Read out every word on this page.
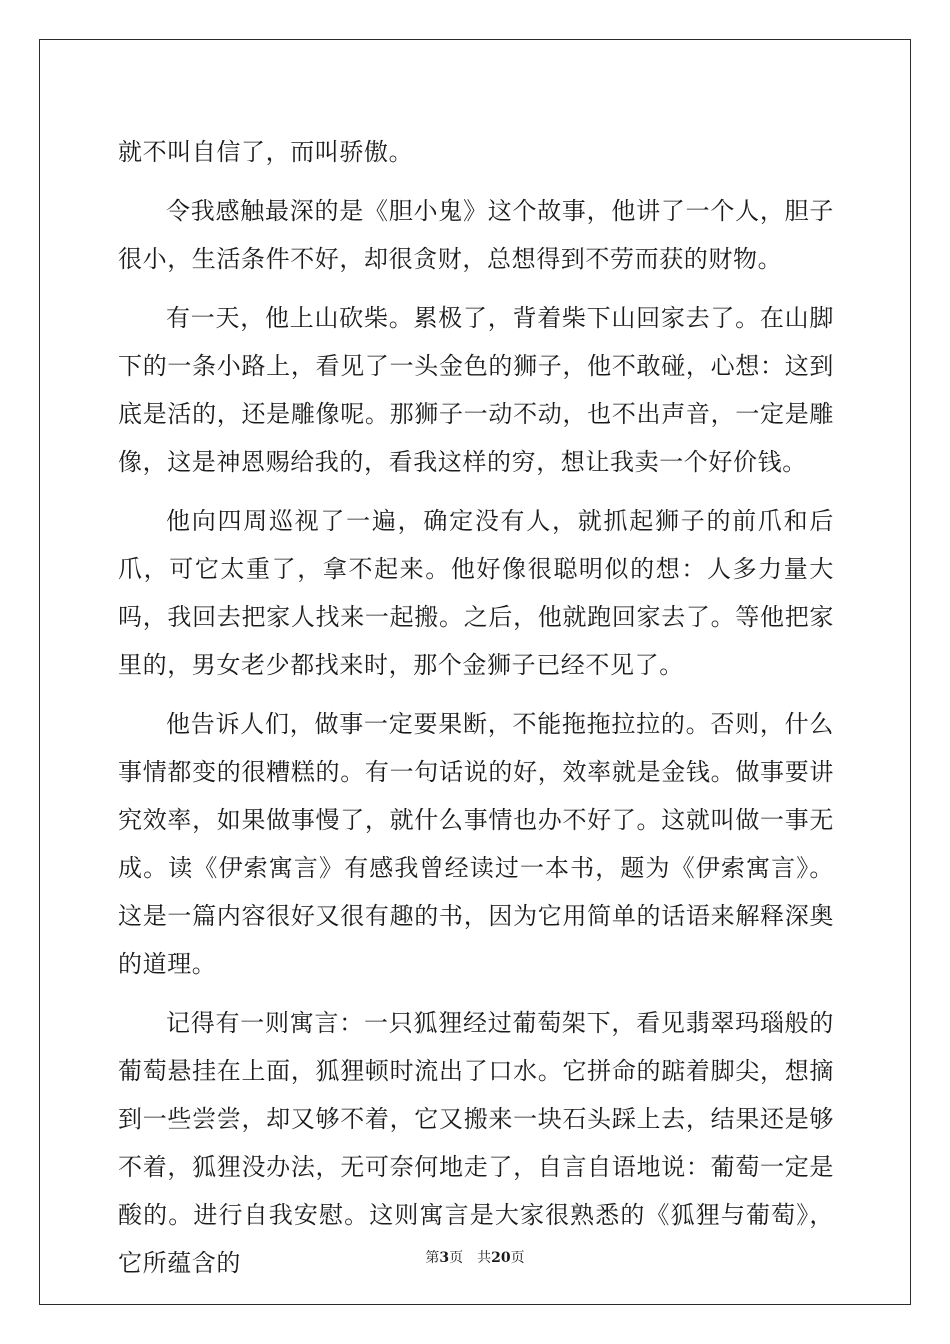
就不叫自信了，而叫骄傲。

令我感触最深的是《胆小鬼》这个故事，他讲了一个人，胆子很小，生活条件不好，却很贪财，总想得到不劳而获的财物。

有一天，他上山砍柴。累极了，背着柴下山回家去了。在山脚下的一条小路上，看见了一头金色的狮子，他不敢碰，心想：这到底是活的，还是雕像呢。那狮子一动不动，也不出声音，一定是雕像，这是神恩赐给我的，看我这样的穷，想让我卖一个好价钱。

他向四周巡视了一遍，确定没有人，就抓起狮子的前爪和后爪，可它太重了，拿不起来。他好像很聪明似的想：人多力量大吗，我回去把家人找来一起搬。之后，他就跑回家去了。等他把家里的，男女老少都找来时，那个金狮子已经不见了。

他告诉人们，做事一定要果断，不能拖拖拉拉的。否则，什么事情都变的很糟糕的。有一句话说的好，效率就是金钱。做事要讲究效率，如果做事慢了，就什么事情也办不好了。这就叫做一事无成。读《伊索寓言》有感我曾经读过一本书，题为《伊索寓言》。这是一篇内容很好又很有趣的书，因为它用简单的话语来解释深奥的道理。

记得有一则寓言：一只狐狸经过葡萄架下，看见翡翠玛瑙般的葡萄悬挂在上面，狐狸顿时流出了口水。它拼命的踮着脚尖，想摘到一些尝尝，却又够不着，它又搬来一块石头踩上去，结果还是够不着，狐狸没办法，无可奈何地走了，自言自语地说：葡萄一定是酸的。进行自我安慰。这则寓言是大家很熟悉的《狐狸与葡萄》，它所蕴含的	第3页 共20页
